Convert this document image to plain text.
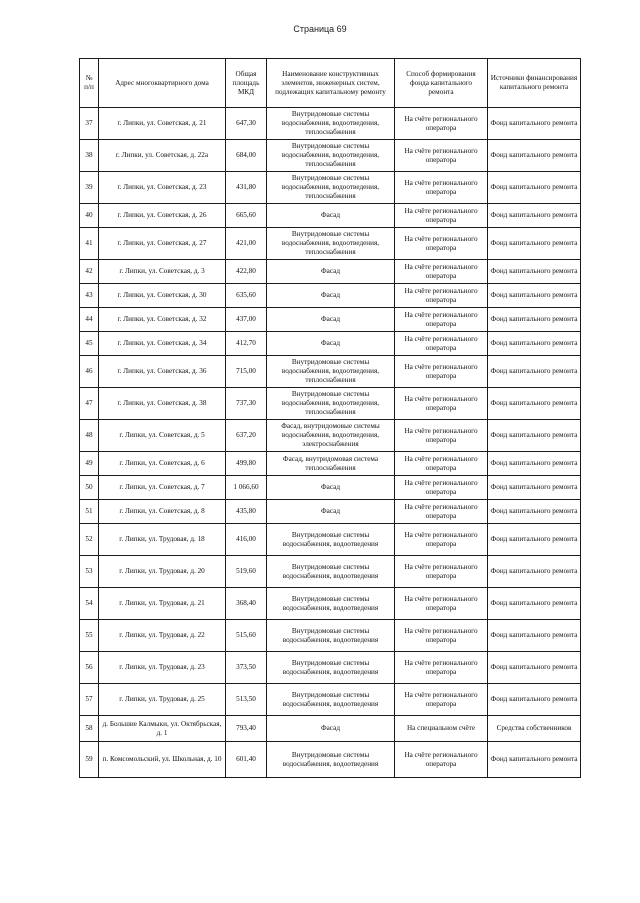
Страница 69
№ п/п	Адрес многоквартирного дома	Общая площадь МКД	Наименование конструктивных элементов, инженерных систем, подлежащих капитальному ремонту	Способ формирования фонда капитального ремонта	Источники финансирования капитального ремонта
37	г. Липки, ул. Советская, д. 21	647,30	Внутридомовые системы водоснабжения, водоотведения, теплоснабжения	На счёте регионального оператора	Фонд капитального ремонта
38	г. Липки, ул. Советская, д. 22а	684,00	Внутридомовые системы водоснабжения, водоотведения, теплоснабжения	На счёте регионального оператора	Фонд капитального ремонта
39	г. Липки, ул. Советская, д. 23	431,80	Внутридомовые системы водоснабжения, водоотведения, теплоснабжения	На счёте регионального оператора	Фонд капитального ремонта
40	г. Липки, ул. Советская, д. 26	665,60	Фасад	На счёте регионального оператора	Фонд капитального ремонта
41	г. Липки, ул. Советская, д. 27	421,00	Внутридомовые системы водоснабжения, водоотведения, теплоснабжения	На счёте регионального оператора	Фонд капитального ремонта
42	г. Липки, ул. Советская, д. 3	422,80	Фасад	На счёте регионального оператора	Фонд капитального ремонта
43	г. Липки, ул. Советская, д. 30	635,60	Фасад	На счёте регионального оператора	Фонд капитального ремонта
44	г. Липки, ул. Советская, д. 32	437,00	Фасад	На счёте регионального оператора	Фонд капитального ремонта
45	г. Липки, ул. Советская, д. 34	412,70	Фасад	На счёте регионального оператора	Фонд капитального ремонта
46	г. Липки, ул. Советская, д. 36	715,00	Внутридомовые системы водоснабжения, водоотведения, теплоснабжения	На счёте регионального оператора	Фонд капитального ремонта
47	г. Липки, ул. Советская, д. 38	737,30	Внутридомовые системы водоснабжения, водоотведения, теплоснабжения	На счёте регионального оператора	Фонд капитального ремонта
48	г. Липки, ул. Советская, д. 5	637,20	Фасад, внутридомовые системы водоснабжения, водоотведения, электроснабжения	На счёте регионального оператора	Фонд капитального ремонта
49	г. Липки, ул. Советская, д. 6	499,80	Фасад, внутридомовая система теплоснабжения	На счёте регионального оператора	Фонд капитального ремонта
50	г. Липки, ул. Советская, д. 7	1 066,60	Фасад	На счёте регионального оператора	Фонд капитального ремонта
51	г. Липки, ул. Советская, д. 8	435,80	Фасад	На счёте регионального оператора	Фонд капитального ремонта
52	г. Липки, ул. Трудовая, д. 18	416,00	Внутридомовые системы водоснабжения, водоотведения	На счёте регионального оператора	Фонд капитального ремонта
53	г. Липки, ул. Трудовая, д. 20	519,60	Внутридомовые системы водоснабжения, водоотведения	На счёте регионального оператора	Фонд капитального ремонта
54	г. Липки, ул. Трудовая, д. 21	368,40	Внутридомовые системы водоснабжения, водоотведения	На счёте регионального оператора	Фонд капитального ремонта
55	г. Липки, ул. Трудовая, д. 22	515,60	Внутридомовые системы водоснабжения, водоотведения	На счёте регионального оператора	Фонд капитального ремонта
56	г. Липки, ул. Трудовая, д. 23	373,50	Внутридомовые системы водоснабжения, водоотведения	На счёте регионального оператора	Фонд капитального ремонта
57	г. Липки, ул. Трудовая, д. 25	513,50	Внутридомовые системы водоснабжения, водоотведения	На счёте регионального оператора	Фонд капитального ремонта
58	д. Большие Калмыки, ул. Октябрьская, д. 1	793,40	Фасад	На специальном счёте	Средства собственников
59	п. Комсомольский, ул. Школьная, д. 10	601,40	Внутридомовые системы водоснабжения, водоотведения	На счёте регионального оператора	Фонд капитального ремонта
